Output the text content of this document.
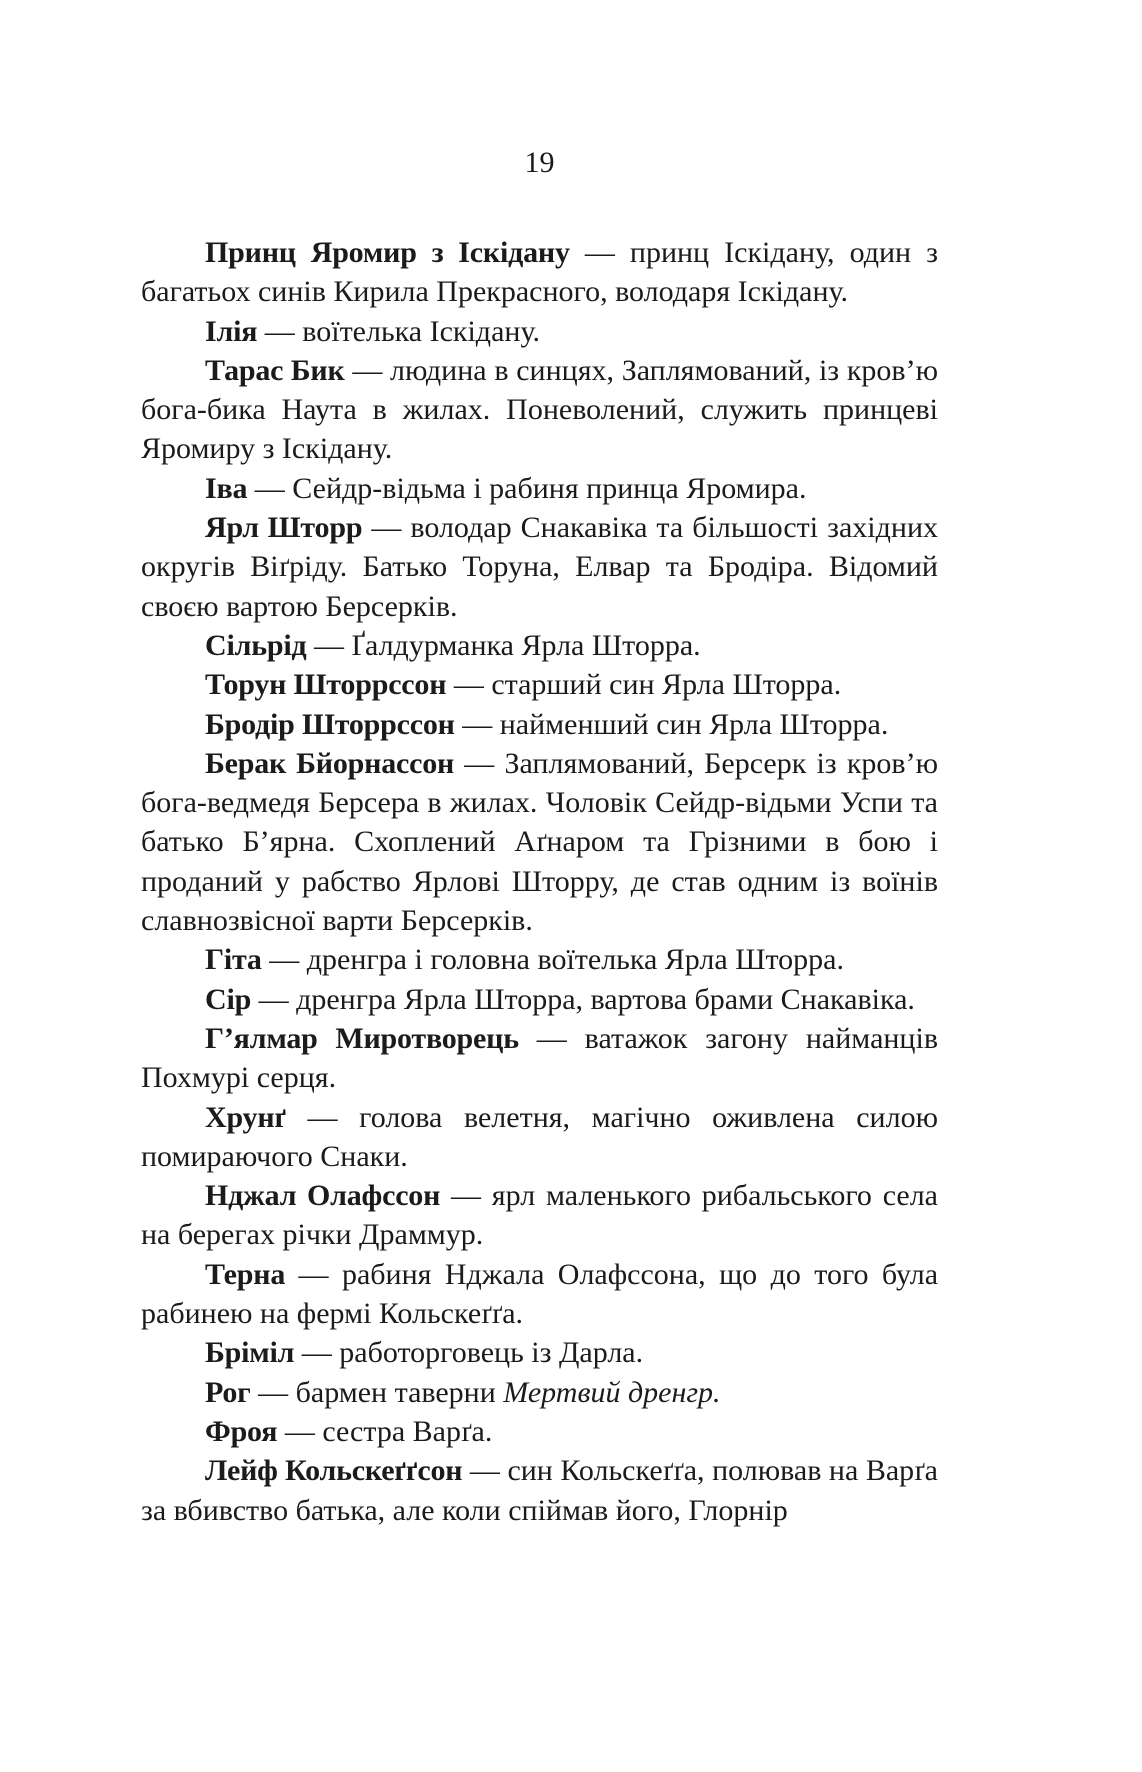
19

Принц Яромир з Іскідану — принц Іскідану, один з багатьох синів Кирила Прекрасного, володаря Іскідану.

Ілія — воїтелька Іскідану.

Тарас Бик — людина в синцях, Заплямований, із кров’ю бога-бика Наута в жилах. Поневолений, служить принцеві Яромиру з Іскідану.

Іва — Сейдр-відьма і рабиня принца Яромира.

Ярл Шторр — володар Снакавіка та більшості західних округів Віґріду. Батько Торуна, Елвар та Бродіра. Відомий своєю вартою Берсерків.

Сільрід — Ґалдурманка Ярла Шторра.

Торун Шторрссон — старший син Ярла Шторра.

Бродір Шторрссон — найменший син Ярла Шторра.

Берак Бйорнассон — Заплямований, Берсерк із кров’ю бога-ведмедя Берсера в жилах. Чоловік Сейдр-відьми Успи та батько Б’ярна. Схоплений Аґнаром та Грізними в бою і проданий у рабство Ярлові Шторру, де став одним із воїнів славнозвісної варти Берсерків.

Гіта — дренгра і головна воїтелька Ярла Шторра.

Сір — дренгра Ярла Шторра, вартова брами Снакавіка.

Г’ялмар Миротворець — ватажок загону найманців Похмурі серця.

Хрунґ — голова велетня, магічно оживлена силою помираючого Снаки.

Нджал Олафссон — ярл маленького рибальського села на берегах річки Драммур.

Терна — рабиня Нджала Олафссона, що до того була рабинею на фермі Кольскеґґа.

Бріміл — работорговець із Дарла.

Рог — бармен таверни Мертвий дренгр.

Фроя — сестра Варґа.

Лейф Кольскеґґсон — син Кольскеґґа, полював на Варґа за вбивство батька, але коли спіймав його, Глорнір
